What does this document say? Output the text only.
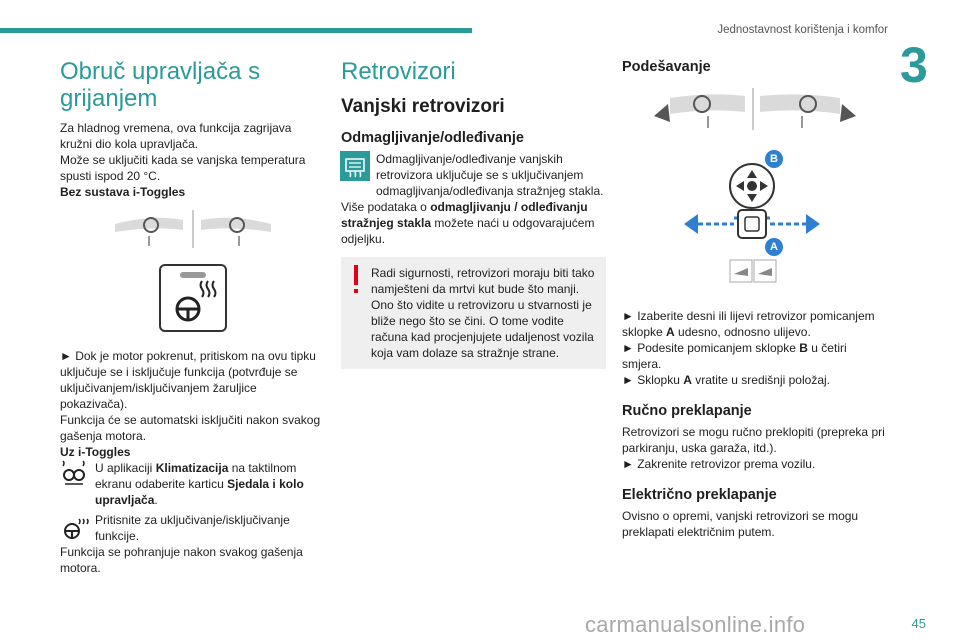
Jednostavnost korištenja i komfor
3
Obruč upravljača s grijanjem

Za hladnog vremena, ova funkcija zagrijava kružni dio kola upravljača.

Može se uključiti kada se vanjska temperatura spusti ispod 20 °C.

Bez sustava i-Toggles

► Dok je motor pokrenut, pritiskom na ovu tipku uključuje se i isključuje funkcija (potvrđuje se uključivanjem/isključivanjem žaruljice pokazivača).

Funkcija će se automatski isključiti nakon svakog gašenja motora.

Uz i-Toggles

U aplikaciji Klimatizacija na taktilnom ekranu odaberite karticu Sjedala i kolo upravljača.

Pritisnite za uključivanje/isključivanje funkcije.

Funkcija se pohranjuje nakon svakog gašenja motora.

Retrovizori
Vanjski retrovizori
Odmagljivanje/odleđivanje

Odmagljivanje/odleđivanje vanjskih retrovizora uključuje se s uključivanjem odmagljivanja/odleđivanja stražnjeg stakla.

Više podataka o odmagljivanju / odleđivanju stražnjeg stakla možete naći u odgovarajućem odjeljku.

Radi sigurnosti, retrovizori moraju biti tako namješteni da mrtvi kut bude što manji.
Ono što vidite u retrovizoru u stvarnosti je bliže nego što se čini. O tome vodite računa kad procjenjujete udaljenost vozila koja vam dolaze sa stražnje strane.

Podešavanje
B
A

► Izaberite desni ili lijevi retrovizor pomicanjem sklopke A udesno, odnosno ulijevo.

► Podesite pomicanjem sklopke B u četiri smjera.

► Sklopku A vratite u središnji položaj.

Ručno preklapanje

Retrovizori se mogu ručno preklopiti (prepreka pri parkiranju, uska garaža, itd.).

► Zakrenite retrovizor prema vozilu.

Električno preklapanje

Ovisno o opremi, vanjski retrovizori se mogu preklapati električnim putem.

45
carmanualsonline.info
